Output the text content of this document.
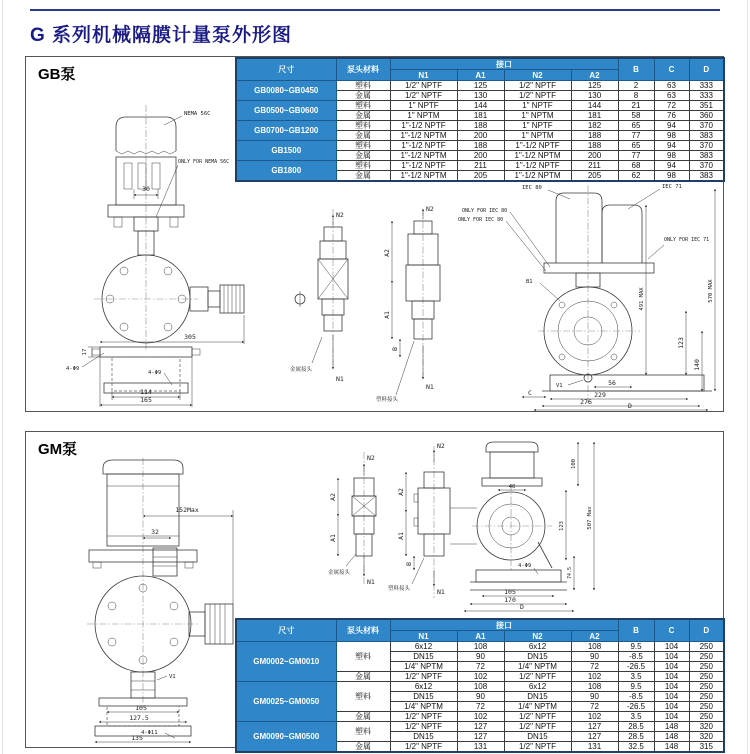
G 系列机械隔膜计量泵外形图
GB泵	尺寸	泵头材料	接口				B	C	D
		N1	A1	N2	A2			
GB0080~GB0450	塑料	1/2" NPTF	125	1/2" NPTF	125	2	63	333
	金属	1/2" NPTF	130	1/2" NPTF	130	8	63	333
GB0500~GB0600	塑料	1" NPTF	144	1" NPTF	144	21	72	351
	金属	1" NPTM	181	1" NPTM	181	58	76	360
GB0700~GB1200	塑料	1"-1/2 NPTF	188	1" NPTF	182	65	94	370
	金属	1"-1/2 NPTM	200	1" NPTM	188	77	98	383
GB1500	塑料	1"-1/2 NPTF	188	1"-1/2 NPTF	188	65	94	370
	金属	1"-1/2 NPTM	200	1"-1/2 NPTM	200	77	98	383
GB1800	塑料	1"-1/2 NPTF	211	1"-1/2 NPTF	211	68	94	370
	金属	1"-1/2 NPTM	205	1"-1/2 NPTM	205	62	98	383
30
NEMA 56C
ONLY FOR NEMA 56C
17
4-Φ9
305
4-Φ9
114
165
N2
N1
金属接头
N2
A2
A1
B
N1
塑料接头
IEC 80	IEC 71
ONLY FOR IEC 80
ONLY FOR IEC 80
ONLY FOR IEC 71
B1
V1	56
123
140
491 MAX	570 MAX
C	229
276	D
GM泵
152Max
32
V1
105
127.5
4-Φ11
135
N2
A2
A1
N1
金属接头
N2
A2
A1
B
N1
塑料接头
40
4-Φ9
100
123
74.5
507 Max
105
170
D
尺寸	泵头材料	接口				B	C	D
		N1	A1	N2	A2			
GM0002~GM0010	塑料	6x12	108	6x12	108	9.5	104	250
		DN15	90	DN15	90	-8.5	104	250
		1/4" NPTM	72	1/4" NPTM	72	-26.5	104	250
	金属	1/2" NPTF	102	1/2" NPTF	102	3.5	104	250
GM0025~GM0050	塑料	6x12	108	6x12	108	9.5	104	250
		DN15	90	DN15	90	-8.5	104	250
		1/4" NPTM	72	1/4" NPTM	72	-26.5	104	250
	金属	1/2" NPTF	102	1/2" NPTF	102	3.5	104	250
GM0090~GM0500	塑料	1/2" NPTF	127	1/2" NPTF	127	28.5	148	320
		DN15	127	DN15	127	28.5	148	320
	金属	1/2" NPTF	131	1/2" NPTF	131	32.5	148	315
